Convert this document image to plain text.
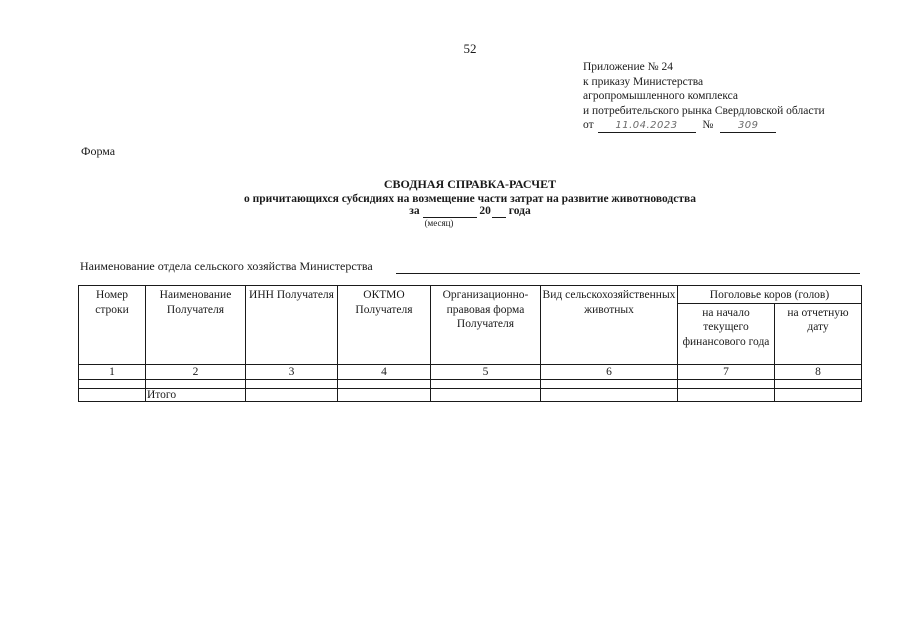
52
Приложение № 24
к приказу Министерства
агропромышленного комплекса
и потребительского рынка Свердловской области
от 11.04.2023 № 309
Форма
СВОДНАЯ СПРАВКА-РАСЧЕТ
о причитающихся субсидиях на возмещение части затрат на развитие животноводства
за	20 года
(месяц)
Наименование отдела сельского хозяйства Министерства
Номер строки	Наименование Получателя	ИНН Получателя	ОКТМО Получателя	Организационно-правовая форма Получателя	Вид сельскохозяйственных животных	Поголовье коров (голов)	
						на начало текущего финансового года	на отчетную дату
1	2	3	4	5	6	7	8

	Итого						
